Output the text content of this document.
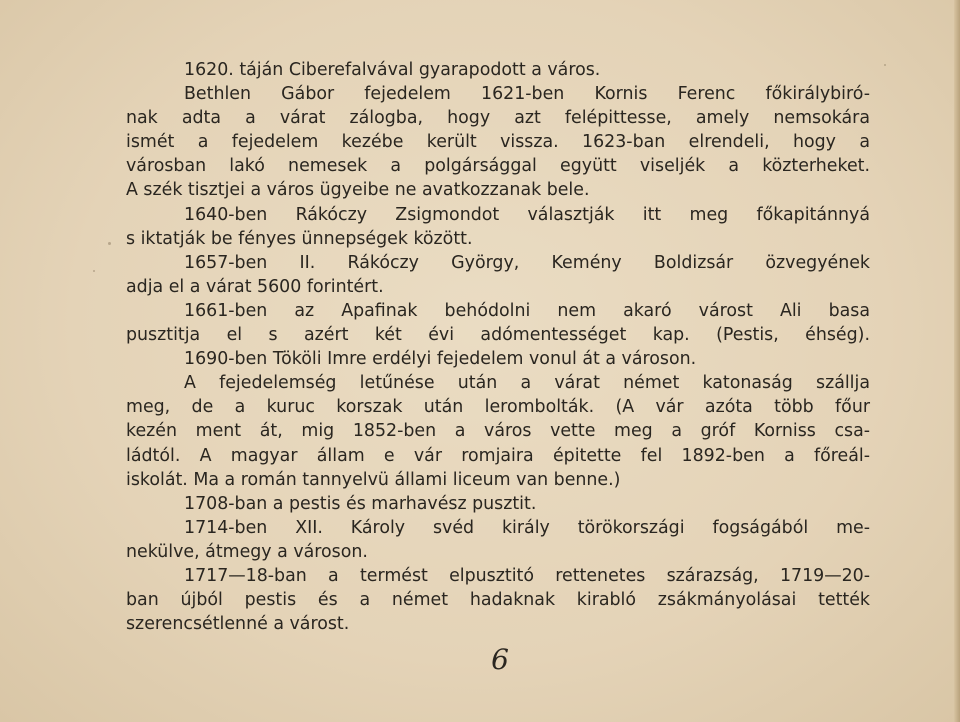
1620. táján Ciberefalvával gyarapodott a város.
Bethlen Gábor fejedelem 1621-ben Kornis Ferenc főkirálybiró-
nak adta a várat zálogba, hogy azt felépittesse, amely nemsokára
ismét a fejedelem kezébe került vissza. 1623-ban elrendeli, hogy a
városban lakó nemesek a polgársággal együtt viseljék a közterheket.
A szék tisztjei a város ügyeibe ne avatkozzanak bele.
1640-ben Rákóczy Zsigmondot választják itt meg főkapitánnyá
s iktatják be fényes ünnepségek között.
1657-ben II. Rákóczy György, Kemény Boldizsár özvegyének
adja el a várat 5600 forintért.
1661-ben az Apafinak behódolni nem akaró várost Ali basa
pusztitja el s azért két évi adómentességet kap. (Pestis, éhség).
1690-ben Tököli Imre erdélyi fejedelem vonul át a városon.
A fejedelemség letűnése után a várat német katonaság szállja
meg, de a kuruc korszak után lerombolták. (A vár azóta több főur
kezén ment át, mig 1852-ben a város vette meg a gróf Korniss csa-
ládtól. A magyar állam e vár romjaira épitette fel 1892-ben a főreál-
iskolát. Ma a román tannyelvü állami liceum van benne.)
1708-ban a pestis és marhavész pusztit.
1714-ben XII. Károly svéd király törökországi fogságából me-
nekülve, átmegy a városon.
1717—18-ban a termést elpusztitó rettenetes szárazság, 1719—20-
ban újból pestis és a német hadaknak kirabló zsákmányolásai tették
szerencsétlenné a várost.
6
